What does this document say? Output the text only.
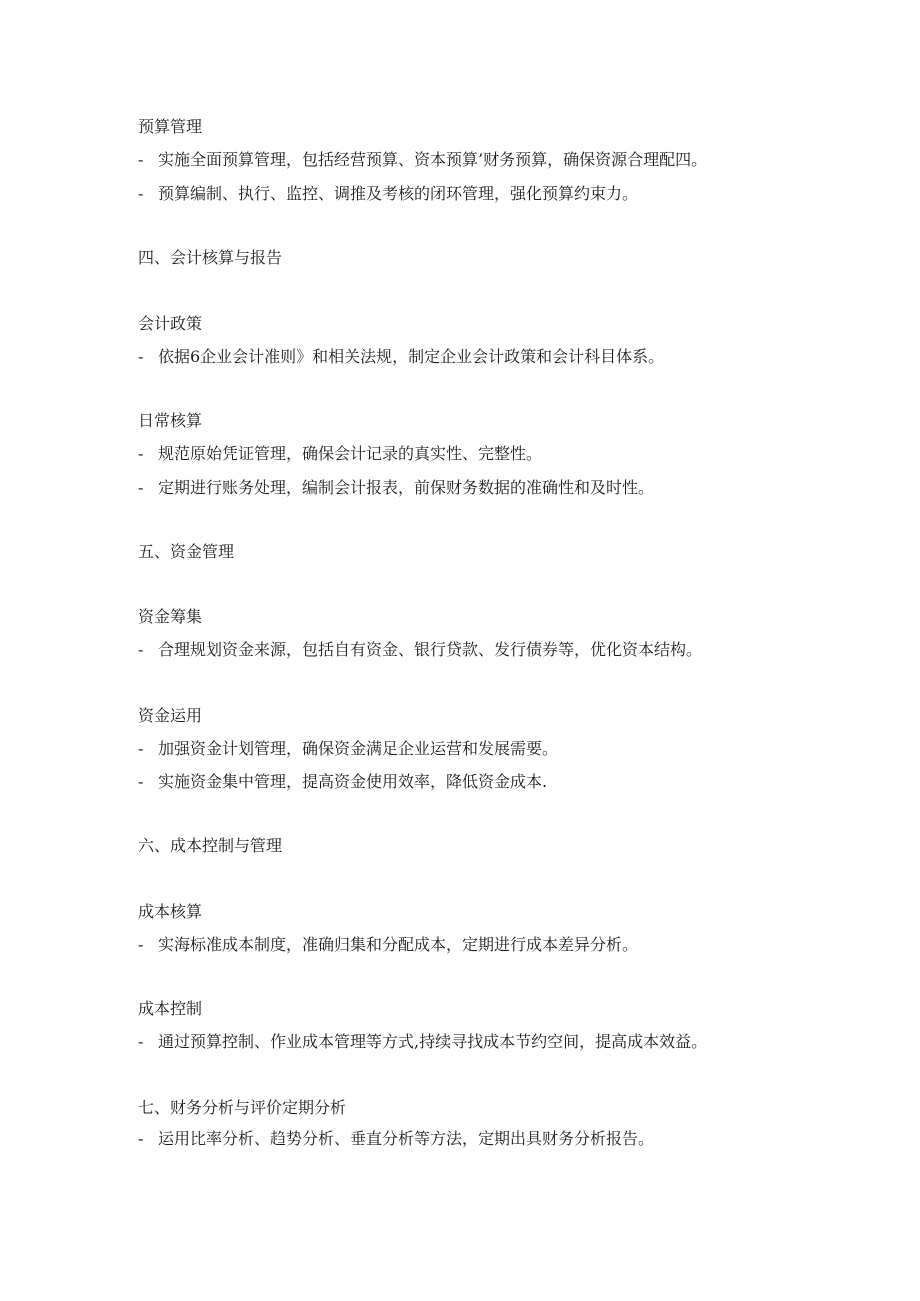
预算管理
- 实施全面预算管理，包括经营预算、资本预算’财务预算，确保资源合理配四。
- 预算编制、执行、监控、调推及考核的闭环管理，强化预算约束力。
四、会计核算与报告
会计政策
- 依据6企业会计准则》和相关法规，制定企业会计政策和会计科目体系。
日常核算
- 规范原始凭证管理，确保会计记录的真实性、完整性。
- 定期进行账务处理，编制会计报表，前保财务数据的准确性和及时性。
五、资金管理
资金筹集
- 合理规划资金来源，包括自有资金、银行贷款、发行债券等，优化资本结构。
资金运用
- 加强资金计划管理，确保资金满足企业运营和发展需要。
- 实施资金集中管理，提高资金使用效率，降低资金成本.
六、成本控制与管理
成本核算
- 实海标准成本制度，准确归集和分配成本，定期进行成本差异分析。
成本控制
- 通过预算控制、作业成本管理等方式,持续寻找成本节约空间，提高成本效益。
七、财务分析与评价定期分析
- 运用比率分析、趋势分析、垂直分析等方法，定期出具财务分析报告。
